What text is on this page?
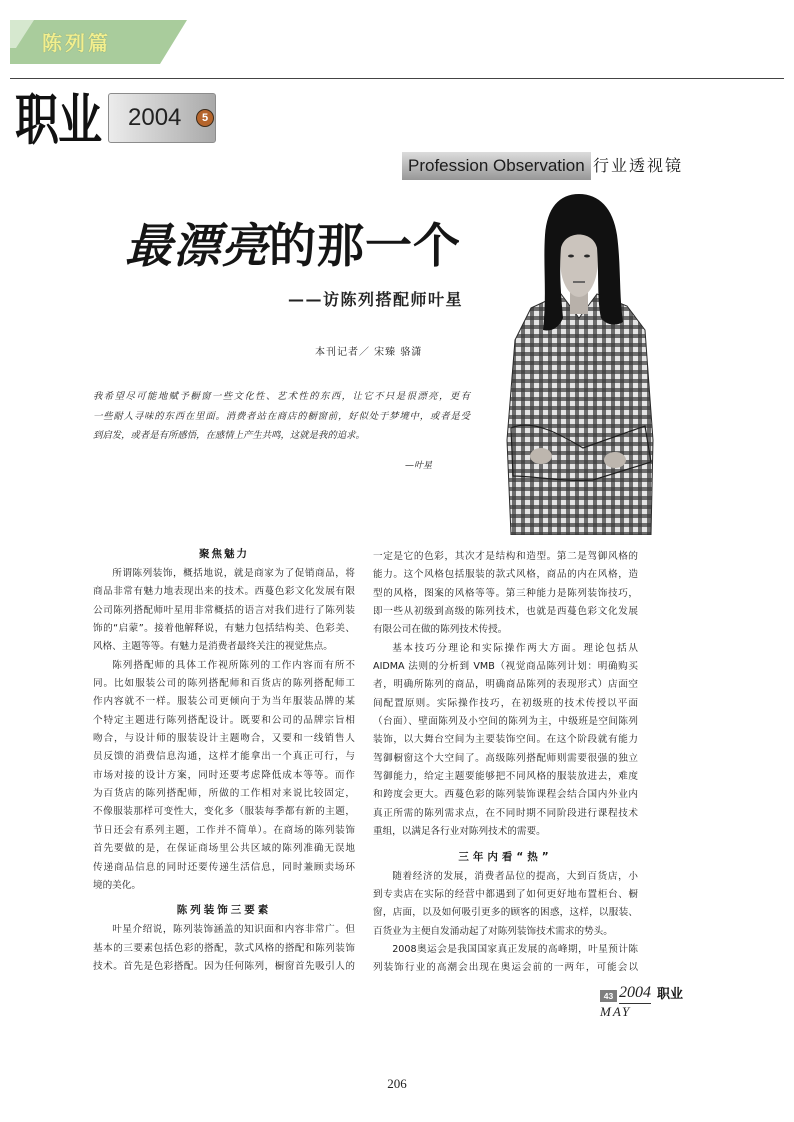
陈列篇
职业 2004	5
Profession Observation 行业透视镜
最漂亮的那一个
——访陈列搭配师叶星
本刊记者／ 宋臻 骆潇
我希望尽可能地赋予橱窗一些文化性、艺术性的东西，让它不只是很漂亮，更有
一些耐人寻味的东西在里面。消费者站在商店的橱窗前，好似处于梦境中，或者是受
到启发，或者是有所感悟，在感情上产生共鸣，这就是我的追求。
—叶星
聚焦魅力
所谓陈列装饰，概括地说，就是商家为了促销商品，将
商品非常有魅力地表现出来的技术。西蔓色彩文化发展有限
公司陈列搭配师叶星用非常概括的语言对我们进行了陈列装
饰的“启蒙”。接着他解释说，有魅力包括结构美、色彩美、
风格、主题等等。有魅力是消费者最终关注的视觉焦点。
陈列搭配师的具体工作视所陈列的工作内容而有所不
同。比如服装公司的陈列搭配师和百货店的陈列搭配师工
作内容就不一样。服装公司更倾向于为当年服装品牌的某
个特定主题进行陈列搭配设计。既要和公司的品牌宗旨相
吻合，与设计师的服装设计主题吻合，又要和一线销售人
员反馈的消费信息沟通，这样才能拿出一个真正可行，与
市场对接的设计方案，同时还要考虑降低成本等等。而作
为百货店的陈列搭配师，所做的工作相对来说比较固定，
不像服装那样可变性大，变化多（服装每季都有新的主题，
节日还会有系列主题，工作并不简单）。在商场的陈列装饰
首先要做的是，在保证商场里公共区域的陈列准确无误地
传递商品信息的同时还要传递生活信息，同时兼顾卖场环
境的美化。
陈列装饰三要素
叶星介绍说，陈列装饰涵盖的知识面和内容非常广。但
基本的三要素包括色彩的搭配，款式风格的搭配和陈列装饰
技术。首先是色彩搭配。因为任何陈列，橱窗首先吸引人的
一定是它的色彩，其次才是结构和造型。第二是驾御风格的
能力。这个风格包括服装的款式风格，商品的内在风格，造
型的风格，图案的风格等等。第三种能力是陈列装饰技巧，
即一些从初级到高级的陈列技术，也就是西蔓色彩文化发展
有限公司在做的陈列技术传授。
基本技巧分理论和实际操作两大方面。理论包括从
AIDMA 法则的分析到 VMB（视觉商品陈列计划：明确购买
者，明确所陈列的商品，明确商品陈列的表现形式）店面空
间配置原则。实际操作技巧，在初级班的技术传授以平面
（台面）、壁面陈列及小空间的陈列为主，中级班是空间陈列
装饰，以大舞台空间为主要装饰空间。在这个阶段就有能力
驾御橱窗这个大空间了。高级陈列搭配师则需要很强的独立
驾御能力，给定主题要能够把不同风格的服装放进去，难度
和跨度会更大。西蔓色彩的陈列装饰课程会结合国内外业内
真正所需的陈列需求点，在不同时期不同阶段进行课程技术
重组，以满足各行业对陈列技术的需要。
三年内看“热”
随着经济的发展，消费者品位的提高，大到百货店，小
到专卖店在实际的经营中都遇到了如何更好地布置柜台、橱
窗，店面，以及如何吸引更多的顾客的困惑，这样，以服装、
百货业为主便自发涌动起了对陈列装饰技术需求的势头。
2008奥运会是我国国家真正发展的高峰期，叶星预计陈
列装饰行业的高潮会出现在奥运会前的一两年，可能会以
43 2004 职业
MAY
206
